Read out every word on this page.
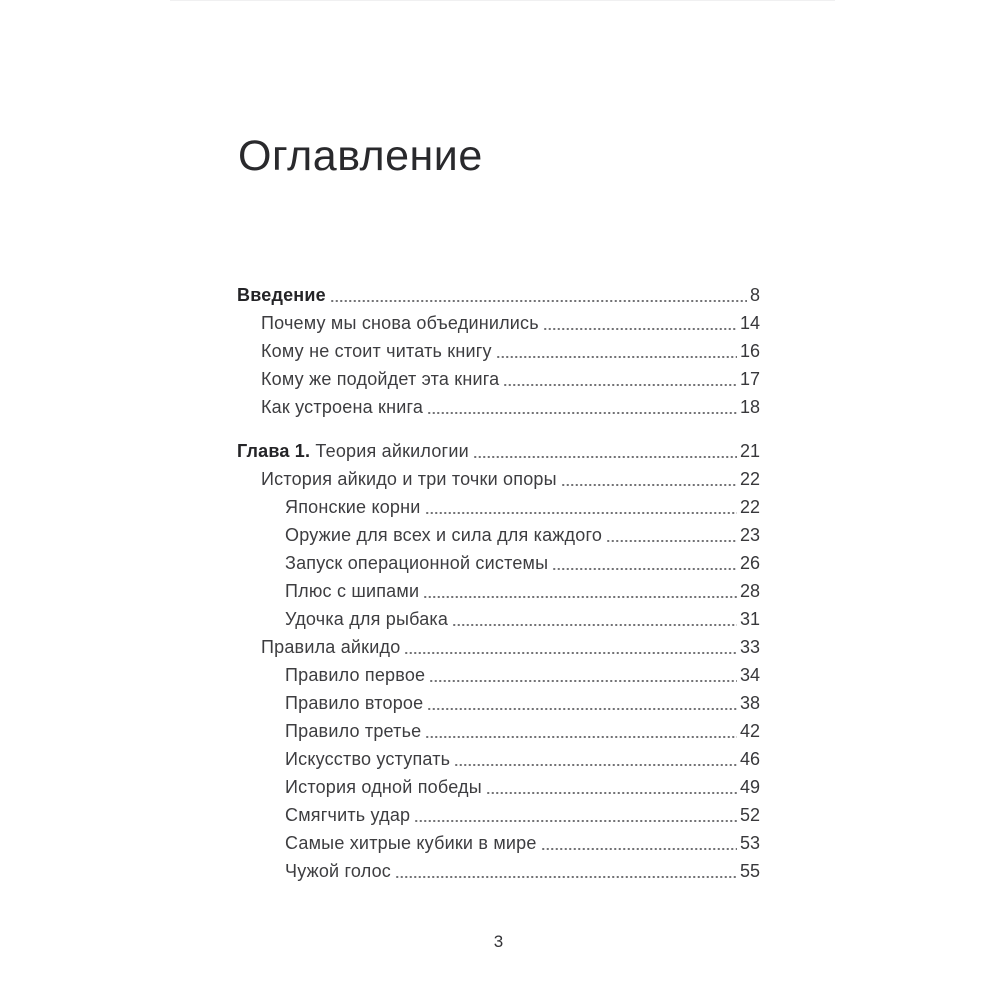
Оглавление
Введение	8
Почему мы снова объединились	14
Кому не стоит читать книгу	16
Кому же подойдет эта книга	17
Как устроена книга	18
Глава 1. Теория айкилогии	21
История айкидо и три точки опоры	22
Японские корни	22
Оружие для всех и сила для каждого	23
Запуск операционной системы	26
Плюс с шипами	28
Удочка для рыбака	31
Правила айкидо	33
Правило первое	34
Правило второе	38
Правило третье	42
Искусство уступать	46
История одной победы	49
Смягчить удар	52
Самые хитрые кубики в мире	53
Чужой голос	55
3
